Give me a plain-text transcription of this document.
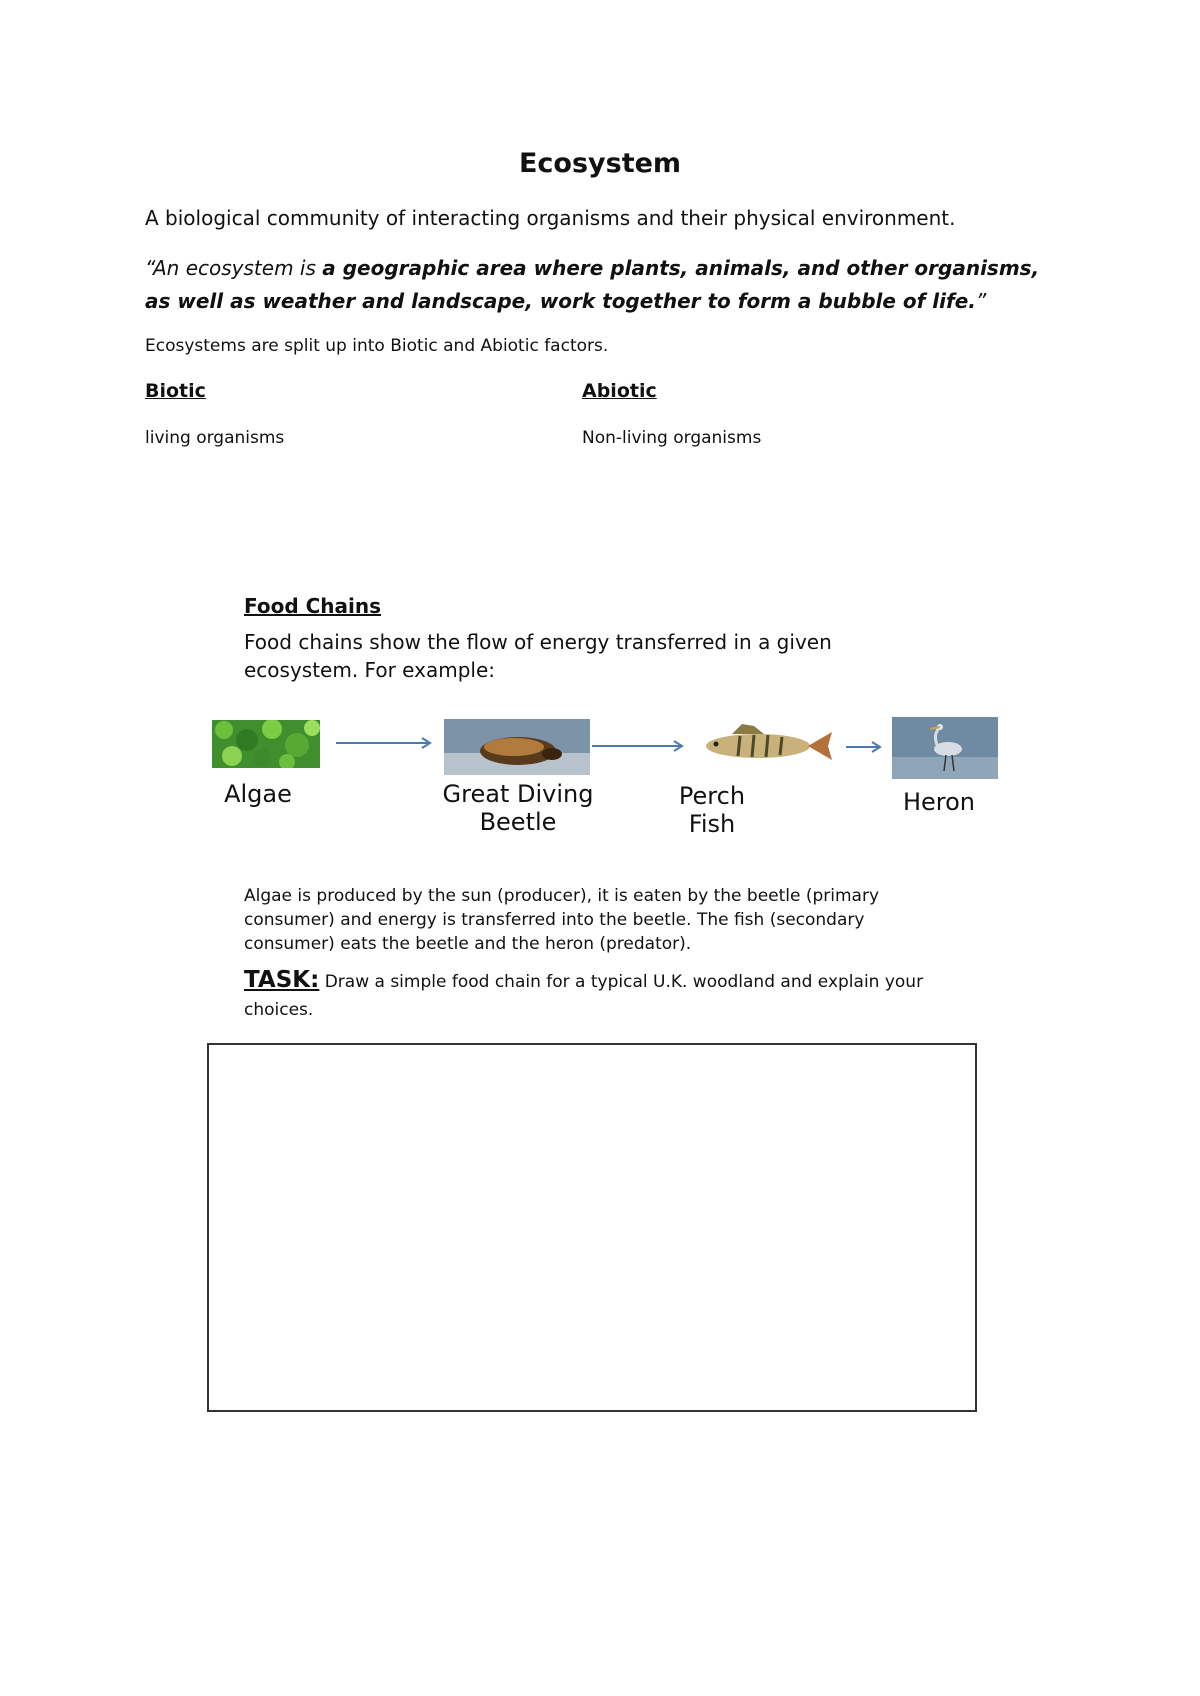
Ecosystem
A biological community of interacting organisms and their physical environment.
“An ecosystem is a geographic area where plants, animals, and other organisms, as well as weather and landscape, work together to form a bubble of life.”
Ecosystems are split up into Biotic and Abiotic factors.
Biotic	Abiotic
living organisms	Non-living organisms
Food Chains
Food chains show the flow of energy transferred in a given ecosystem. For example:
Algae	Great Diving
Beetle
Perch
Fish
Heron
Algae is produced by the sun (producer), it is eaten by the beetle (primary consumer) and energy is transferred into the beetle. The fish (secondary consumer) eats the beetle and the heron (predator).
TASK: Draw a simple food chain for a typical U.K. woodland and explain your choices.
